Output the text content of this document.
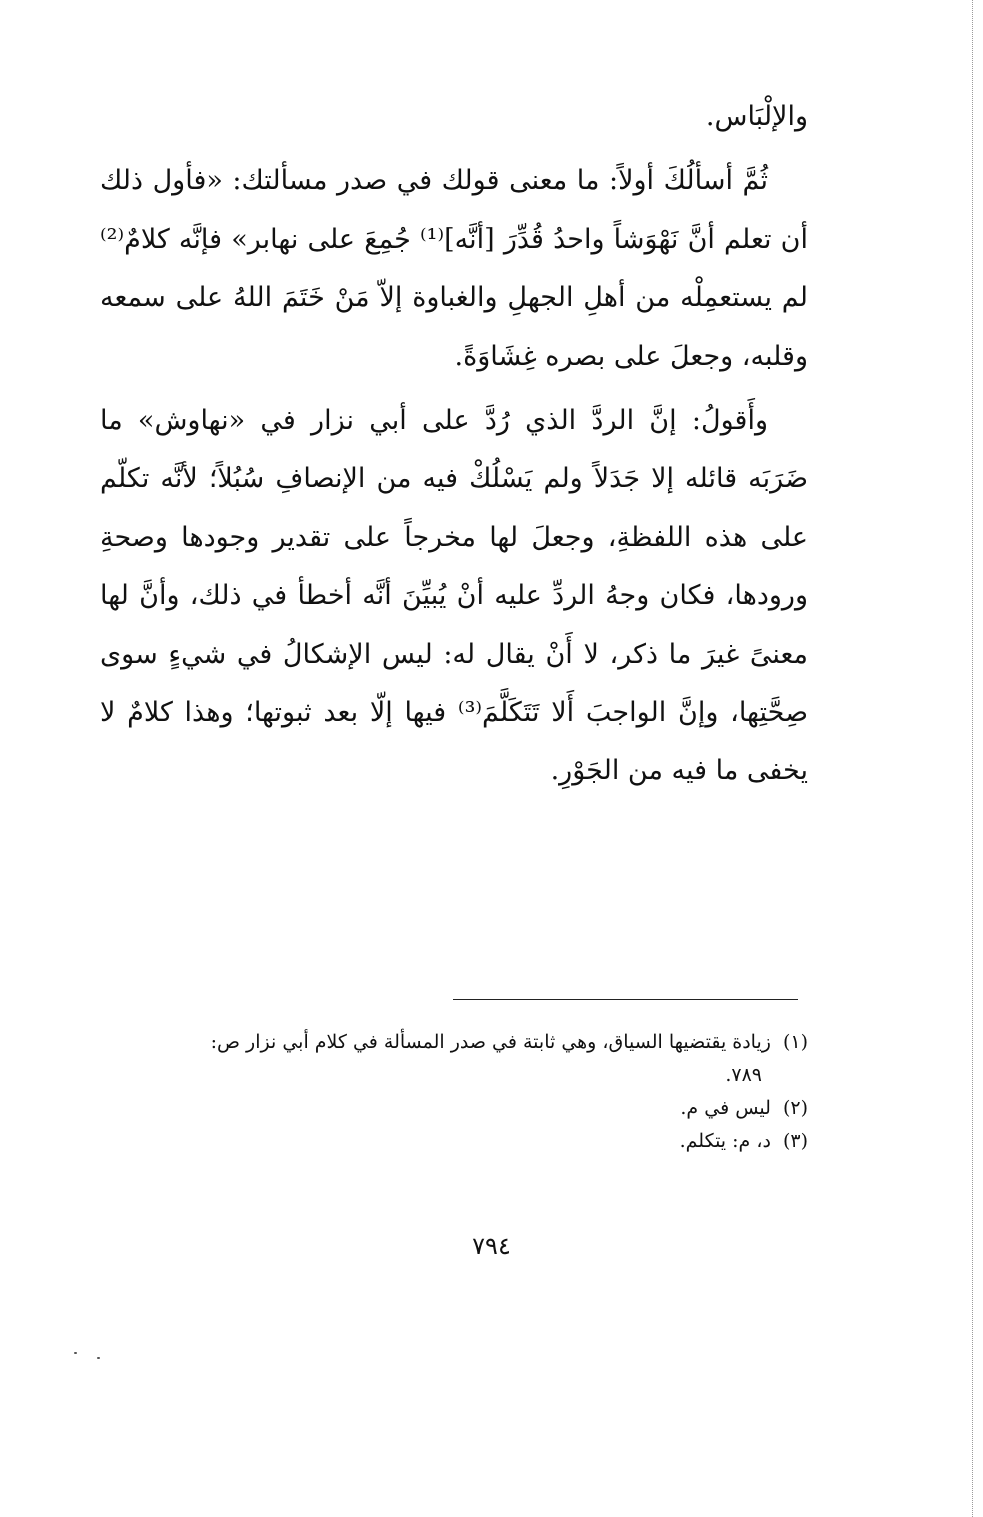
والإلْبَاس.

ثُمَّ أسألُكَ أولاً: ما معنى قولك في صدر مسألتك: «فأول ذلك أن تعلم أنَّ نَهْوَشاً واحدُ قُدِّرَ [أنَّه]⁽¹⁾ جُمِعَ على نهابر» فإنَّه كلامٌ⁽²⁾ لم يستعمِلْه من أهلِ الجهلِ والغباوة إلاّ مَنْ خَتَمَ اللهُ على سمعه وقلبه، وجعلَ على بصره غِشَاوَةً.

وأَقولُ: إنَّ الردَّ الذي رُدَّ على أبي نزار في «نهاوش» ما ضَرَبَه قائله إلا جَدَلاً ولم يَسْلُكْ فيه من الإنصافِ سُبُلاً؛ لأنَّه تكلّم على هذه اللفظةِ، وجعلَ لها مخرجاً على تقدير وجودها وصحةِ ورودها، فكان وجهُ الردِّ عليه أنْ يُبيِّنَ أنَّه أخطأ في ذلك، وأنَّ لها معنىً غيرَ ما ذكر، لا أَنْ يقال له: ليس الإشكالُ في شيءٍ سوى صِحَّتِها، وإنَّ الواجبَ أَلا تَتَكَلَّمَ⁽³⁾ فيها إلّا بعد ثبوتها؛ وهذا كلامٌ لا يخفى ما فيه من الجَوْرِ.

(١)زيادة يقتضيها السياق، وهي ثابتة في صدر المسألة في كلام أبي نزار ص:

٧٨٩.

(٢)ليس في م.

(٣)د، م: يتكلم.

٧٩٤
